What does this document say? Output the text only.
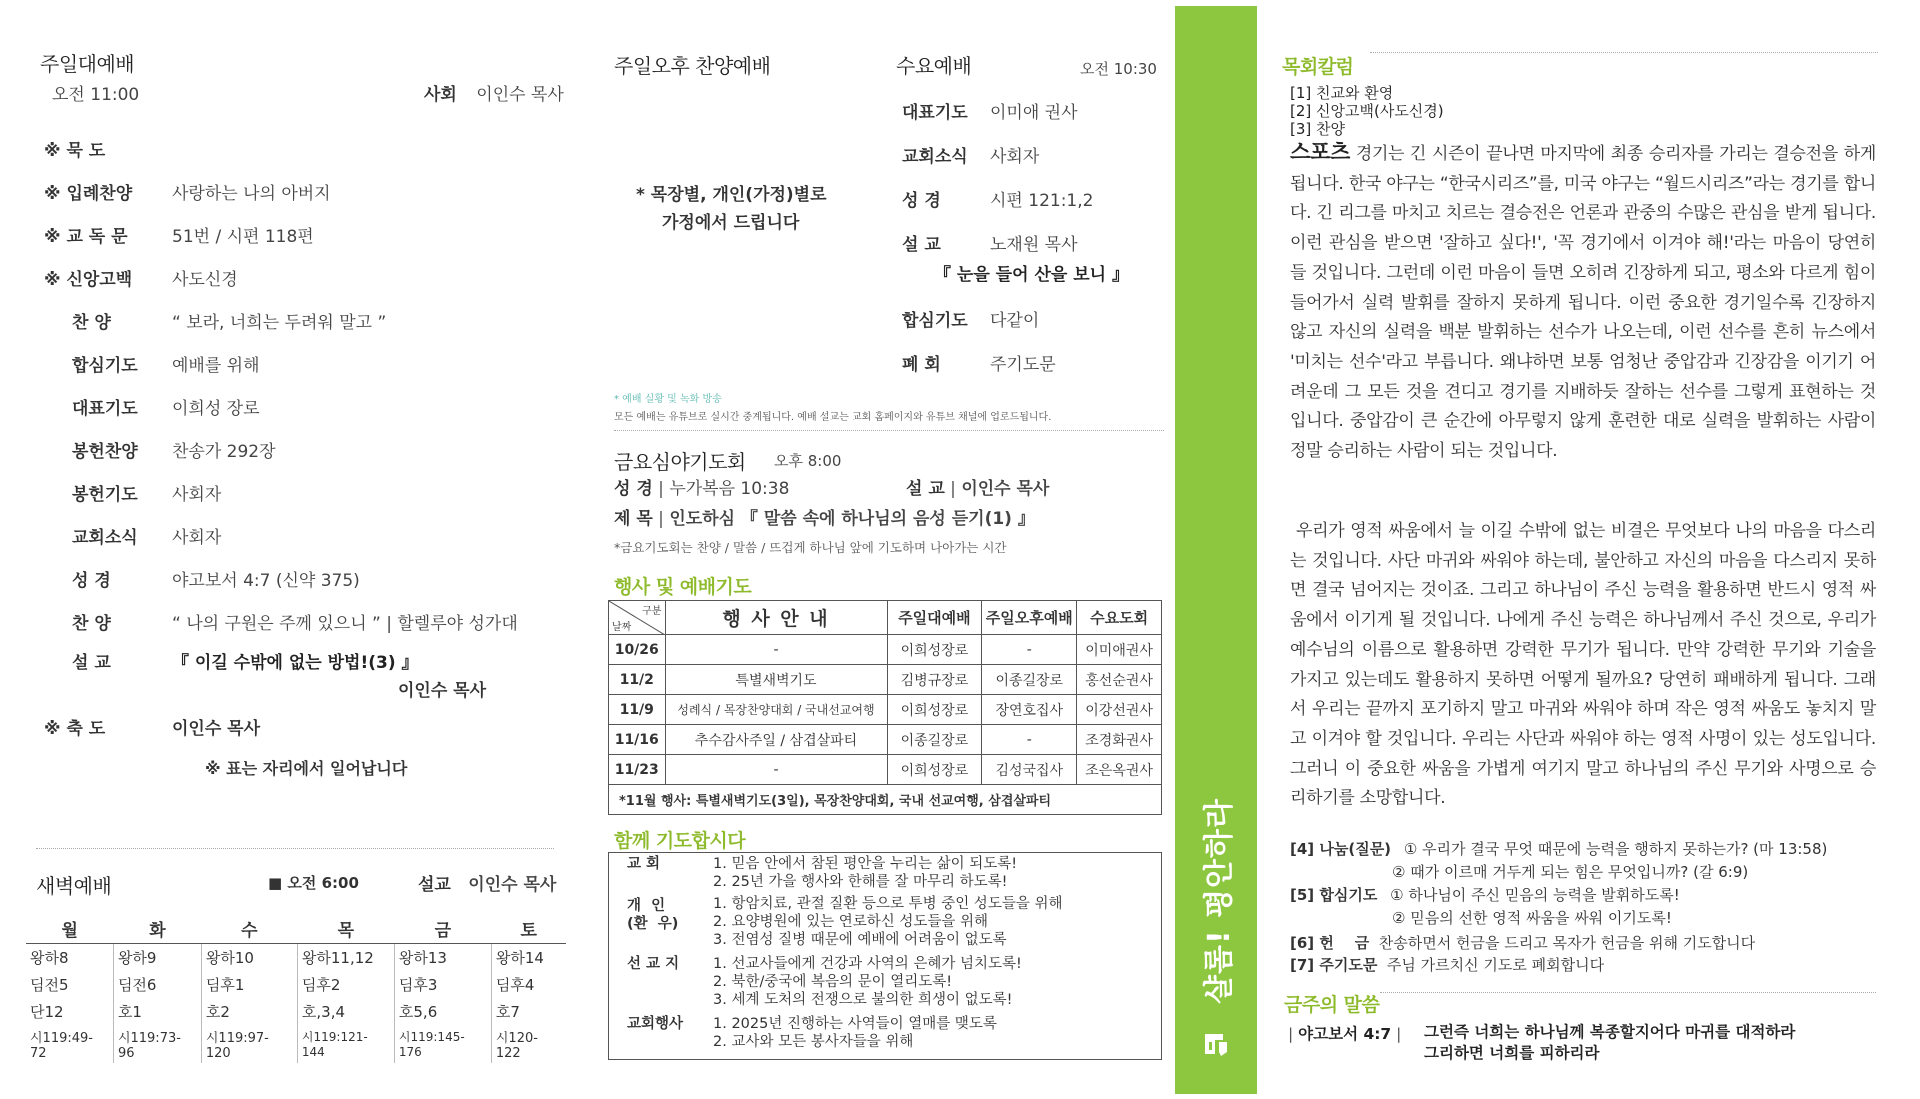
주일대예배
오전 11:00	사회 이인수 목사
※ 묵 도
※ 입례찬양	사랑하는 나의 아버지
※ 교 독 문	51번 / 시편 118편
※ 신앙고백	사도신경
찬 양	“ 보라, 너희는 두려워 말고 ”
합심기도	예배를 위해
대표기도	이희성 장로
봉헌찬양	찬송가 292장
봉헌기도	사회자
교회소식	사회자
성 경	야고보서 4:7 (신약 375)
찬 양	“ 나의 구원은 주께 있으니 ” | 할렐루야 성가대
설 교	『 이길 수밖에 없는 방법!(3) 』
이인수 목사
※ 축 도	이인수 목사
※ 표는 자리에서 일어납니다
새벽예배	■ 오전 6:00	설교 이인수 목사
월	화	수	목	금	토
왕하8	왕하9	왕하10	왕하11,12	왕하13	왕하14
딤전5	딤전6	딤후1	딤후2	딤후3	딤후4
단12	호1	호2	호,3,4	호5,6	호7
시119:49-72	시119:73-96	시119:97-120	시119:121-144	시119:145-176	시120-122
주일오후 찬양예배
* 목장별, 개인(가정)별로
가정에서 드립니다
수요예배	오전 10:30
대표기도	이미애 권사
교회소식	사회자
성 경	시편 121:1,2
설 교	노재원 목사
『 눈을 들어 산을 보니 』
합심기도	다같이
폐 회	주기도문
* 예배 실황 및 녹화 방송
모든 예배는 유튜브로 실시간 중계됩니다. 예배 설교는 교회 홈페이지와 유튜브 채널에 업로드됩니다.
금요심야기도회 오후 8:00
성 경 | 누가복음 10:38	설 교 | 이인수 목사
제 목 | 인도하심 『 말씀 속에 하나님의 음성 듣기(1) 』
*금요기도회는 찬양 / 말씀 / 뜨겁게 하나님 앞에 기도하며 나아가는 시간
행사 및 예배기도
구분
날짜	행 사 안 내	주일대예배	주일오후예배	수요도회
10/26	-	이희성장로	-	이미애권사
11/2	특별새벽기도	김병규장로	이종길장로	홍선순권사
11/9	성례식 / 목장찬양대회 / 국내선교여행	이희성장로	장연호집사	이강선권사
11/16	추수감사주일 / 삼겹살파티	이종길장로	-	조경화권사
11/23	-	이희성장로	김성국집사	조은옥권사
*11월 행사: 특별새벽기도(3일), 목장찬양대회, 국내 선교여행, 삼겹살파티				
함께 기도합시다
교 회	1. 믿음 안에서 참된 평안을 누리는 삶이 되도록!
2. 25년 가을 행사와 한해를 잘 마무리 하도록!
개  인
(환  우)
1. 항암치료, 관절 질환 등으로 투병 중인 성도들을 위해
2. 요양병원에 있는 연로하신 성도들을 위해
3. 전염성 질병 때문에 예배에 어려움이 없도록
선 교 지	1. 선교사들에게 건강과 사역의 은혜가 넘치도록!
2. 북한/중국에 복음의 문이 열리도록!
3. 세계 도처의 전쟁으로 불의한 희생이 없도록!
교회행사	1. 2025년 진행하는 사역들이 열매를 맺도록
2. 교사와 모든 봉사자들을 위해
샬롬! 평안하라
목회칼럼
[1] 친교와 환영
[2] 신앙고백(사도신경)
[3] 찬양
스포츠 경기는 긴 시즌이 끝나면 마지막에 최종 승리자를 가리는 결승전을 하게 됩니다. 한국 야구는 “한국시리즈”를, 미국 야구는 “월드시리즈”라는 경기를 합니다. 긴 리그를 마치고 치르는 결승전은 언론과 관중의 수많은 관심을 받게 됩니다. 이런 관심을 받으면 '잘하고 싶다!', '꼭 경기에서 이겨야 해!'라는 마음이 당연히 들 것입니다. 그런데 이런 마음이 들면 오히려 긴장하게 되고, 평소와 다르게 힘이 들어가서 실력 발휘를 잘하지 못하게 됩니다. 이런 중요한 경기일수록 긴장하지 않고 자신의 실력을 백분 발휘하는 선수가 나오는데, 이런 선수를 흔히 뉴스에서 '미치는 선수'라고 부릅니다. 왜냐하면 보통 엄청난 중압감과 긴장감을 이기기 어려운데 그 모든 것을 견디고 경기를 지배하듯 잘하는 선수를 그렇게 표현하는 것입니다. 중압감이 큰 순간에 아무렇지 않게 훈련한 대로 실력을 발휘하는 사람이 정말 승리하는 사람이 되는 것입니다.
우리가 영적 싸움에서 늘 이길 수밖에 없는 비결은 무엇보다 나의 마음을 다스리는 것입니다. 사단 마귀와 싸워야 하는데, 불안하고 자신의 마음을 다스리지 못하면 결국 넘어지는 것이죠. 그리고 하나님이 주신 능력을 활용하면 반드시 영적 싸움에서 이기게 될 것입니다. 나에게 주신 능력은 하나님께서 주신 것으로, 우리가 예수님의 이름으로 활용하면 강력한 무기가 됩니다. 만약 강력한 무기와 기술을 가지고 있는데도 활용하지 못하면 어떻게 될까요? 당연히 패배하게 됩니다. 그래서 우리는 끝까지 포기하지 말고 마귀와 싸워야 하며 작은 영적 싸움도 놓치지 말고 이겨야 할 것입니다. 우리는 사단과 싸워야 하는 영적 사명이 있는 성도입니다. 그러니 이 중요한 싸움을 가볍게 여기지 말고 하나님의 주신 무기와 사명으로 승리하기를 소망합니다.
[4] 나눔(질문) ① 우리가 결국 무엇 때문에 능력을 행하지 못하는가? (마 13:58)
② 때가 이르매 거두게 되는 힘은 무엇입니까? (갈 6:9)
[5] 합심기도 ① 하나님이 주신 믿음의 능력을 발휘하도록!
② 믿음의 선한 영적 싸움을 싸워 이기도록!
[6] 헌    금 찬송하면서 헌금을 드리고 목자가 헌금을 위해 기도합니다
[7] 주기도문 주님 가르치신 기도로 폐회합니다
금주의 말씀
| 야고보서 4:7 | 그런즉 너희는 하나님께 복종할지어다 마귀를 대적하라
그리하면 너희를 피하리라
